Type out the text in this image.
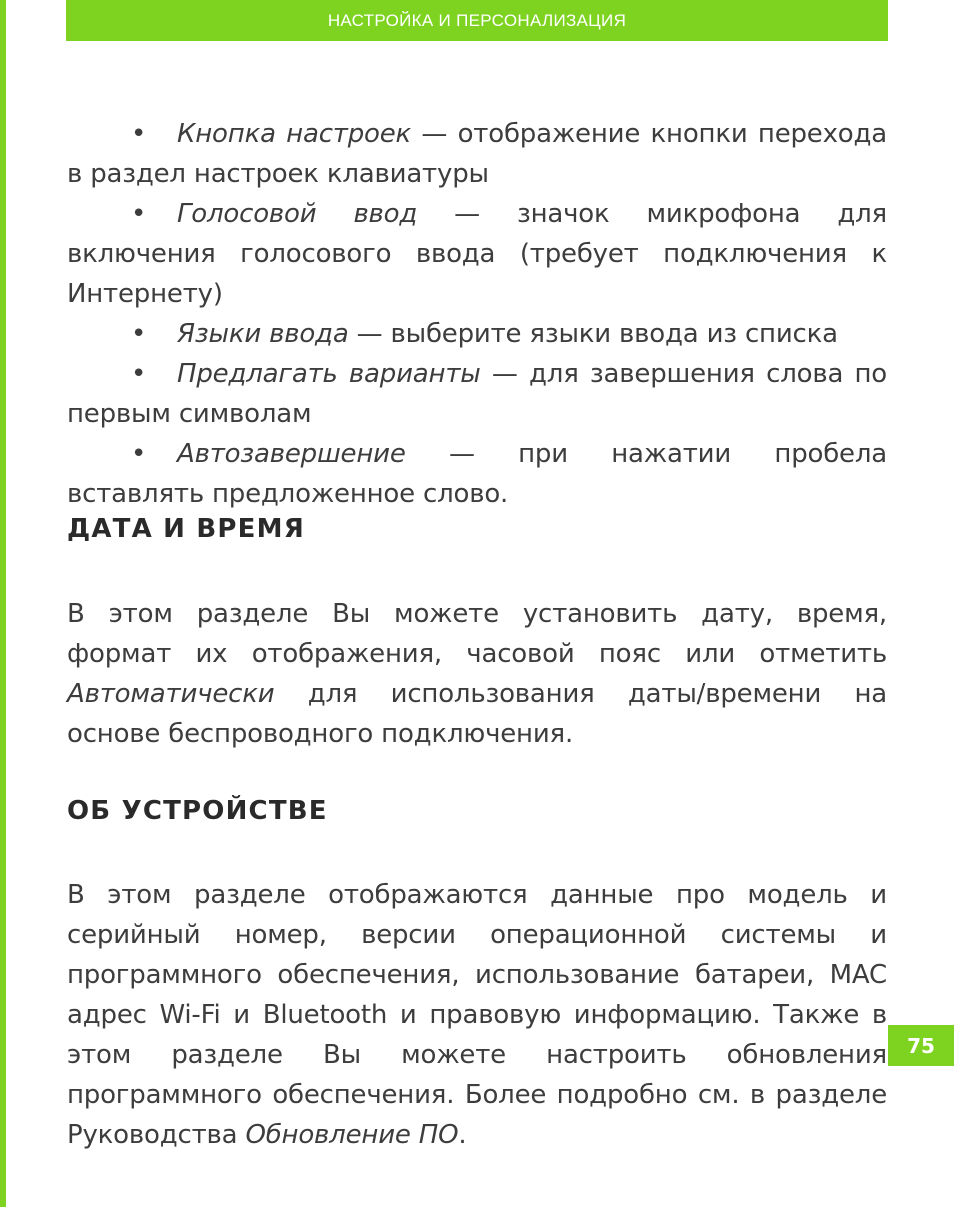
НАСТРОЙКА И ПЕРСОНАЛИЗАЦИЯ

• Кнопка настроек — отображение кнопки перехода в раздел настроек клавиатуры

• Голосовой ввод — значок микрофона для включения голосового ввода (требует подключения к Интернету)

• Языки ввода — выберите языки ввода из списка

• Предлагать варианты — для завершения слова по первым символам

• Автозавершение — при нажатии пробела вставлять предложенное слово.

ДАТА И ВРЕМЯ

В этом разделе Вы можете установить дату, время, формат их отображения, часовой пояс или отметить Автоматически для использования даты/времени на основе беспроводного подключения.

ОБ УСТРОЙСТВЕ

В этом разделе отображаются данные про модель и серийный номер, версии операционной системы и программного обеспечения, использование батареи, MAC адрес Wi-Fi и Bluetooth и правовую информацию. Также в этом разделе Вы можете настроить обновления программного обеспечения. Более подробно см. в разделе Руководства Обновление ПО.

75
